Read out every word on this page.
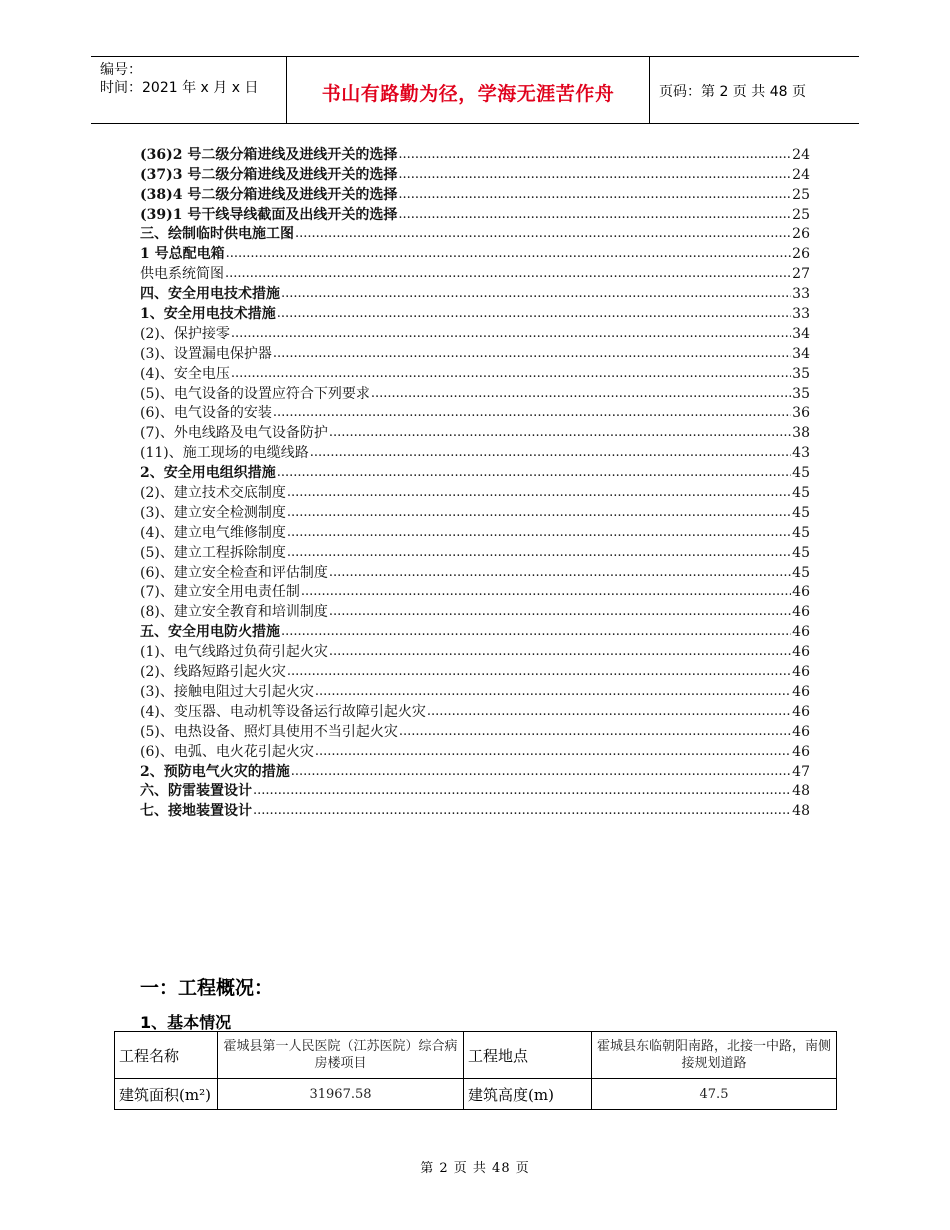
编号：
时间：2021 年 x 月 x 日	书山有路勤为径，学海无涯苦作舟	页码：第 2 页 共 48 页
(36)2 号二级分箱进线及进线开关的选择 .....	24
(37)3 号二级分箱进线及进线开关的选择 .....	24
(38)4 号二级分箱进线及进线开关的选择 .....	25
(39)1 号干线导线截面及出线开关的选择 .....	25
三、绘制临时供电施工图 .....	26
1 号总配电箱 .....	26
供电系统简图 .....	27
四、安全用电技术措施 .....	33
1、安全用电技术措施 .....	33
(2)、保护接零 .....	34
(3)、设置漏电保护器 .....	34
(4)、安全电压 .....	35
(5)、电气设备的设置应符合下列要求 .....	35
(6)、电气设备的安装 .....	36
(7)、外电线路及电气设备防护 .....	38
(11)、施工现场的电缆线路 .....	43
2、安全用电组织措施 .....	45
(2)、建立技术交底制度 .....	45
(3)、建立安全检测制度 .....	45
(4)、建立电气维修制度 .....	45
(5)、建立工程拆除制度 .....	45
(6)、建立安全检查和评估制度 .....	45
(7)、建立安全用电责任制 .....	46
(8)、建立安全教育和培训制度 .....	46
五、安全用电防火措施 .....	46
(1)、电气线路过负荷引起火灾 .....	46
(2)、线路短路引起火灾 .....	46
(3)、接触电阻过大引起火灾 .....	46
(4)、变压器、电动机等设备运行故障引起火灾 .....	46
(5)、电热设备、照灯具使用不当引起火灾 .....	46
(6)、电弧、电火花引起火灾 .....	46
2、预防电气火灾的措施 .....	47
六、防雷装置设计 .....	48
七、接地装置设计 .....	48
一：工程概况：
1、基本情况
工程名称	霍城县第一人民医院（江苏医院）综合病房楼项目	工程地点	霍城县东临朝阳南路，北接一中路，南侧接规划道路
建筑面积(m²)	31967.58	建筑高度(m)	47.5
第 2 页 共 48 页
